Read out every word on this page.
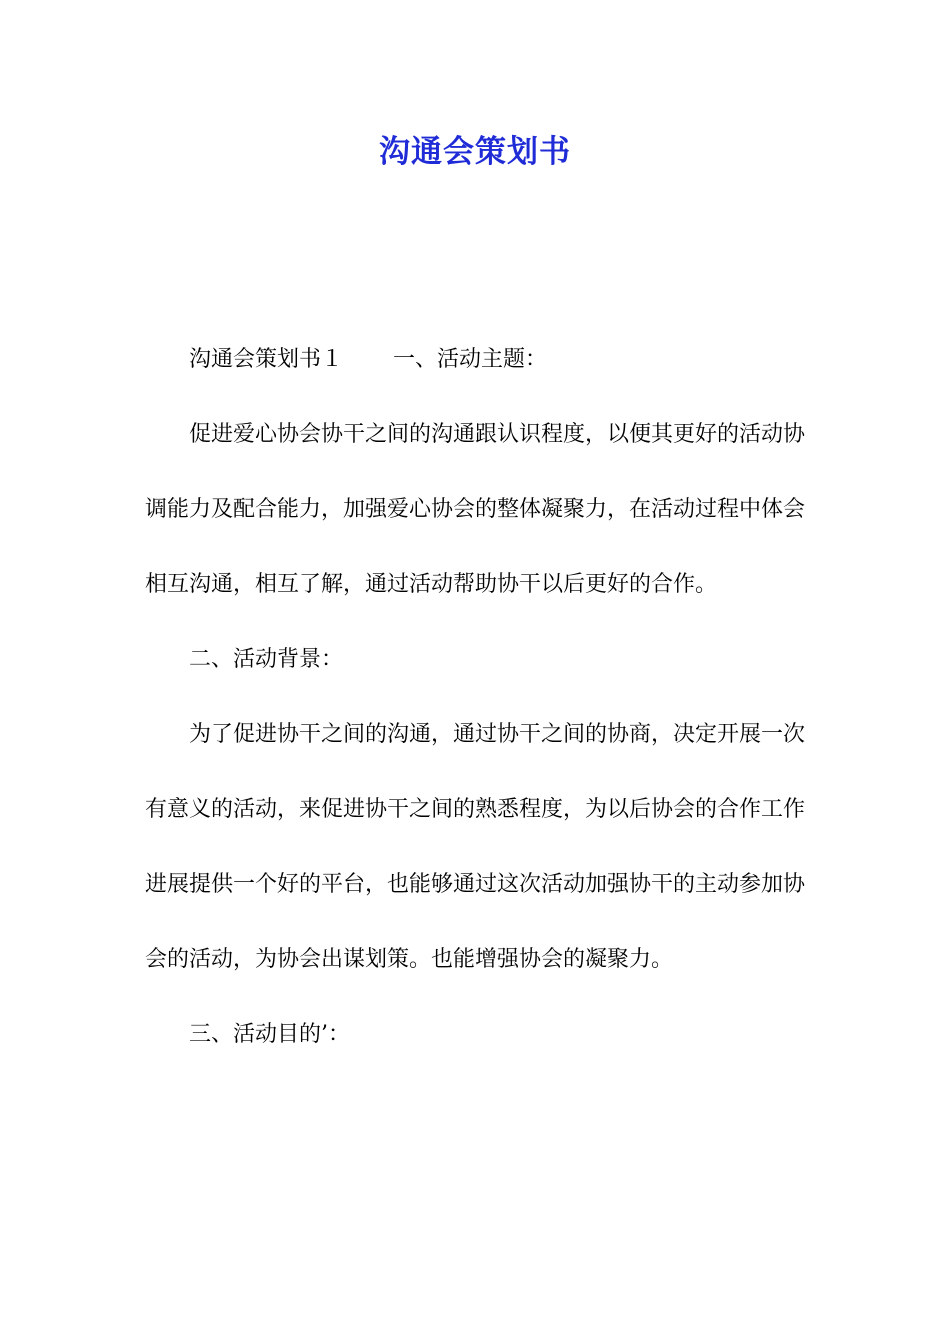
沟通会策划书

沟通会策划书１ 一、活动主题：

促进爱心协会协干之间的沟通跟认识程度，以便其更好的活动协调能力及配合能力，加强爱心协会的整体凝聚力，在活动过程中体会相互沟通，相互了解，通过活动帮助协干以后更好的合作。

二、活动背景：

为了促进协干之间的沟通，通过协干之间的协商，决定开展一次有意义的活动，来促进协干之间的熟悉程度，为以后协会的合作工作进展提供一个好的平台，也能够通过这次活动加强协干的主动参加协会的活动，为协会出谋划策。也能增强协会的凝聚力。

三、活动目的’：
